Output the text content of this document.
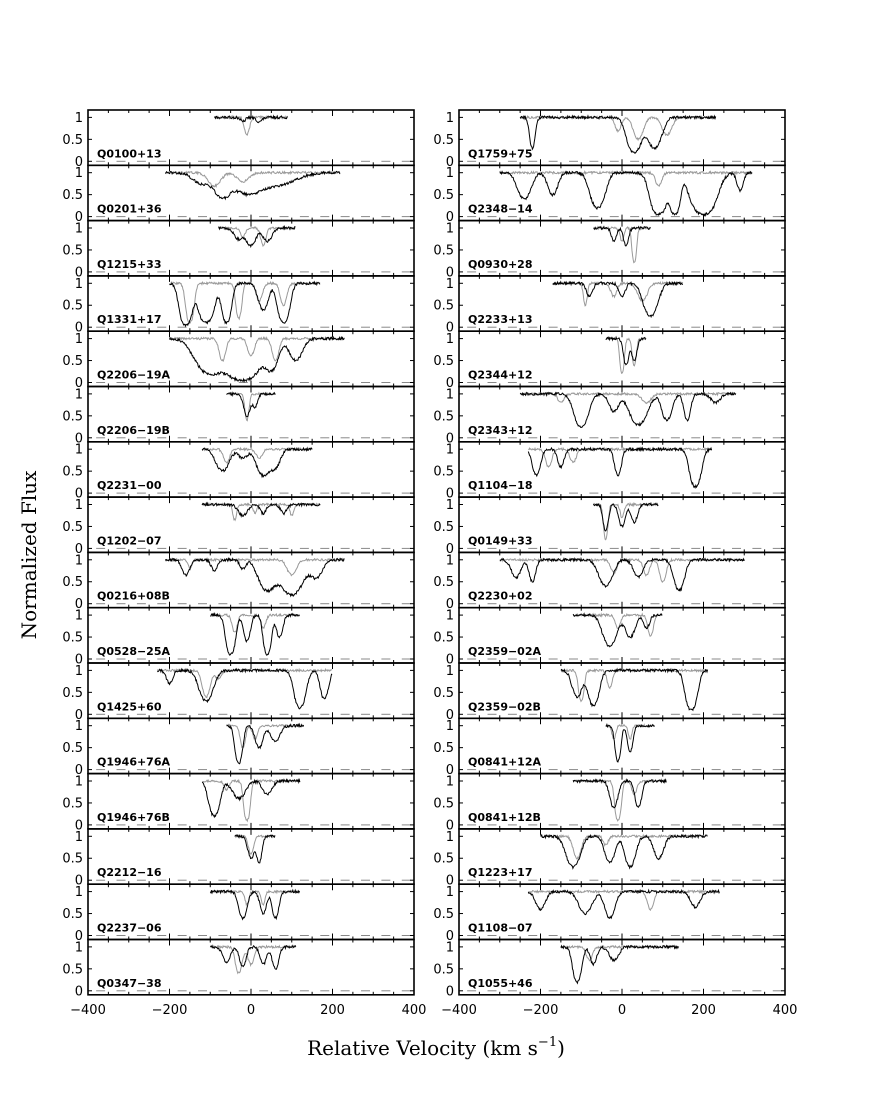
0
0.5
1
Q0100+13
0
0.5
1
Q0201+36
0
0.5
1
Q1215+33
0
0.5
1
Q1331+17
0
0.5
1
Q2206−19A
0
0.5
1
Q2206−19B
0
0.5
1
Q2231−00
0
0.5
1
Q1202−07
0
0.5
1
Q0216+08B
0
0.5
1
Q0528−25A
0
0.5
1
Q1425+60
0
0.5
1
Q1946+76A
0
0.5
1
Q1946+76B
0
0.5
1
Q2212−16
0
0.5
1
Q2237−06
0
0.5
1
Q0347−38
0
0.5
1
Q1759+75
0
0.5
1
Q2348−14
0
0.5
1
Q0930+28
0
0.5
1
Q2233+13
0
0.5
1
Q2344+12
0
0.5
1
Q2343+12
0
0.5
1
Q1104−18
0
0.5
1
Q0149+33
0
0.5
1
Q2230+02
0
0.5
1
Q2359−02A
0
0.5
1
Q2359−02B
0
0.5
1
Q0841+12A
0
0.5
1
Q0841+12B
0
0.5
1
Q1223+17
0
0.5
1
Q1108−07
0
0.5
1
Q1055+46
−400	−200	0	200	400 −400	−200	0	200	400
Normalized Flux
Relative Velocity (km $s^{-1}$)
